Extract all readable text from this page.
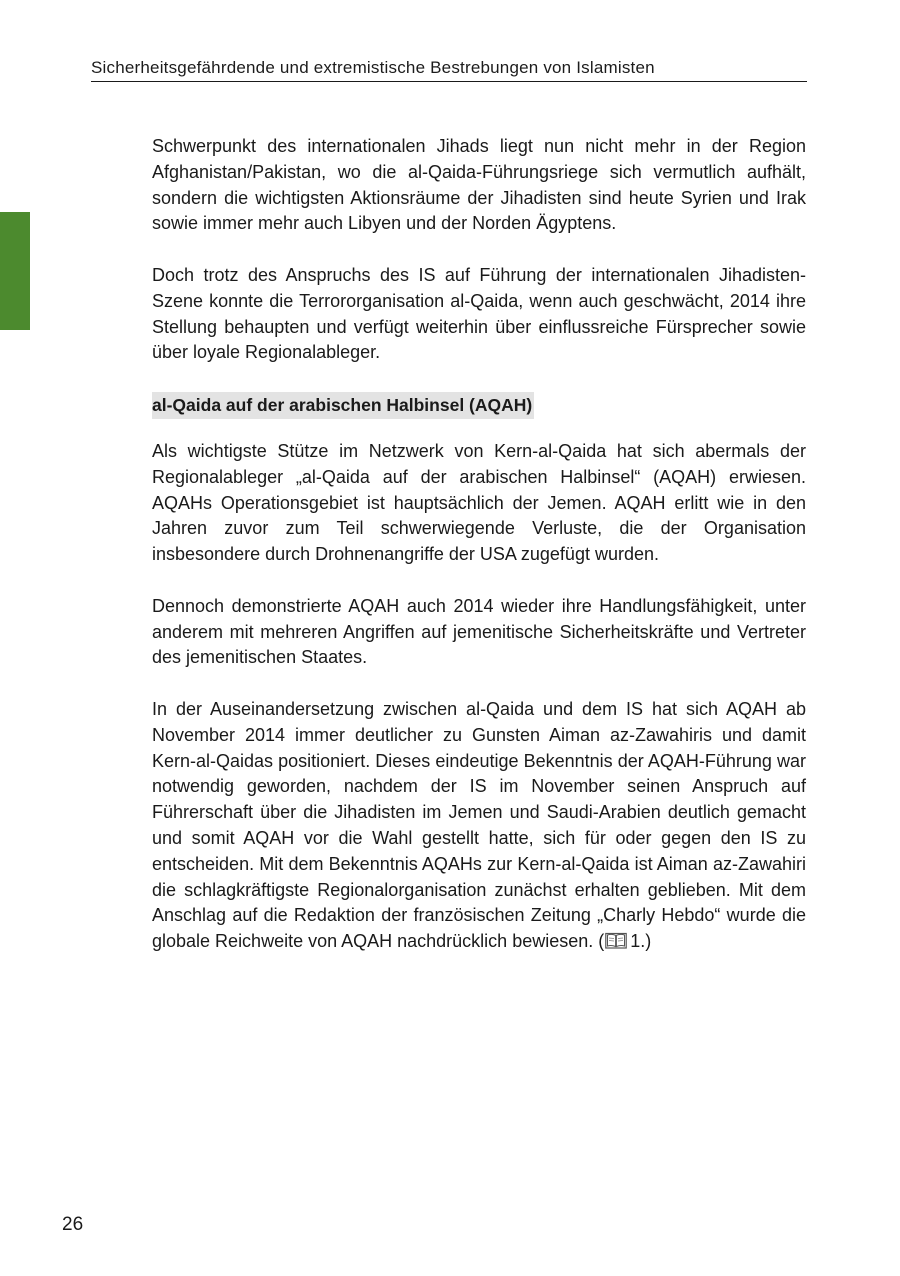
Sicherheitsgefährdende und extremistische Bestrebungen von Islamisten

Schwerpunkt des internationalen Jihads liegt nun nicht mehr in der Region Afghanistan/Pakistan, wo die al-Qaida-Führungsriege sich vermutlich aufhält, sondern die wichtigsten Aktionsräume der Jihadisten sind heute Syrien und Irak sowie immer mehr auch Libyen und der Norden Ägyptens.

Doch trotz des Anspruchs des IS auf Führung der internationalen Jihadisten-Szene konnte die Terrororganisation al-Qaida, wenn auch geschwächt, 2014 ihre Stellung behaupten und verfügt weiterhin über einflussreiche Fürsprecher sowie über loyale Regionalableger.

al-Qaida auf der arabischen Halbinsel (AQAH)

Als wichtigste Stütze im Netzwerk von Kern-al-Qaida hat sich abermals der Regionalableger „al-Qaida auf der arabischen Halbinsel“ (AQAH) erwiesen. AQAHs Operationsgebiet ist hauptsächlich der Jemen. AQAH erlitt wie in den Jahren zuvor zum Teil schwerwiegende Verluste, die der Organisation insbesondere durch Drohnenangriffe der USA zugefügt wurden.

Dennoch demonstrierte AQAH auch 2014 wieder ihre Handlungsfähigkeit, unter anderem mit mehreren Angriffen auf jemenitische Sicherheitskräfte und Vertreter des jemenitischen Staates.

In der Auseinandersetzung zwischen al-Qaida und dem IS hat sich AQAH ab November 2014 immer deutlicher zu Gunsten Aiman az-Zawahiris und damit Kern-al-Qaidas positioniert. Dieses eindeutige Bekenntnis der AQAH-Führung war notwendig geworden, nachdem der IS im November seinen Anspruch auf Führerschaft über die Jihadisten im Jemen und Saudi-Arabien deutlich gemacht und somit AQAH vor die Wahl gestellt hatte, sich für oder gegen den IS zu entscheiden. Mit dem Bekenntnis AQAHs zur Kern-al-Qaida ist Aiman az-Zawahiri die schlagkräftigste Regionalorganisation zunächst erhalten geblieben. Mit dem Anschlag auf die Redaktion der französischen Zeitung „Charly Hebdo“ wurde die globale Reichweite von AQAH nachdrücklich bewiesen. ( 1.)

26
